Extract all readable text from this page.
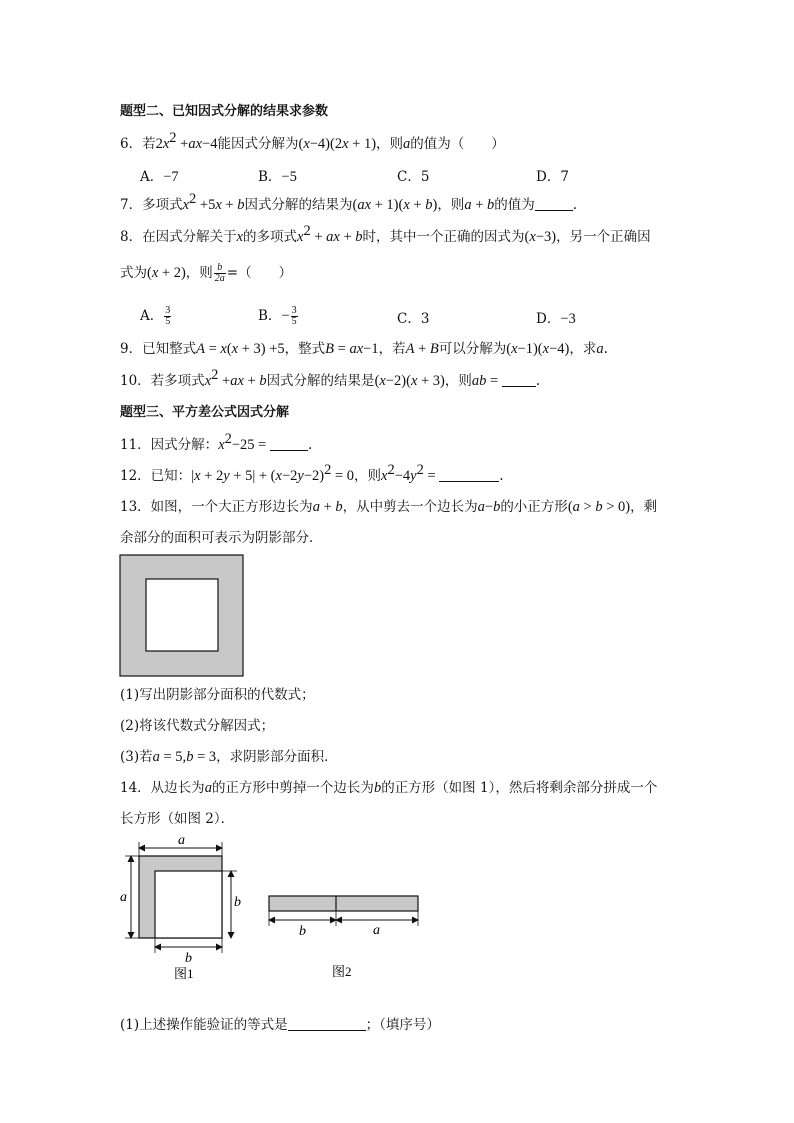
题型二、已知因式分解的结果求参数
6．若$2x^2 +ax-4$能因式分解为(x−4)(2x + 1)，则a的值为（　　）
A．−7	B．−5	C．5	D．7
7．多项式$x^2 +5x + b$因式分解的结果为(ax + 1)(x + b)，则a + b的值为	.
8．在因式分解关于x的多项式$x^2$ + ax + b时，其中一个正确的因式为(x−3)，另一个正确因
式为(x + 2)，则 $\frac{b}{2a}$ =（　　）
A． $\frac{3}{5}$	B．− $\frac{3}{5}$	C．3	D．−3
9．已知整式A = x(x + 3) +5，整式B = ax−1，若A + B可以分解为(x−1)(x−4)，求a.
10．若多项式$x^2 +ax + b$因式分解的结果是(x−2)(x + 3)，则ab =	.
题型三、平方差公式因式分解
11．因式分解：$x^2-25$ =	.
12．已知：$|x + 2y + 5| + (x-2y-2)^2 = 0$，则$x^2-4y^2$ =	.
13．如图，一个大正方形边长为a + b，从中剪去一个边长为a−b的小正方形(a > b > 0)，剩
余部分的面积可表示为阴影部分．
(1)写出阴影部分面积的代数式；
(2)将该代数式分解因式；
(3)若a = 5,b = 3，求阴影部分面积．
14．从边长为a的正方形中剪掉一个边长为b的正方形（如图 1），然后将剩余部分拼成一个
长方形（如图 2）．
a
a	b
b
图1
b	a
图2
(1)上述操作能验证的等式是	；（填序号）
